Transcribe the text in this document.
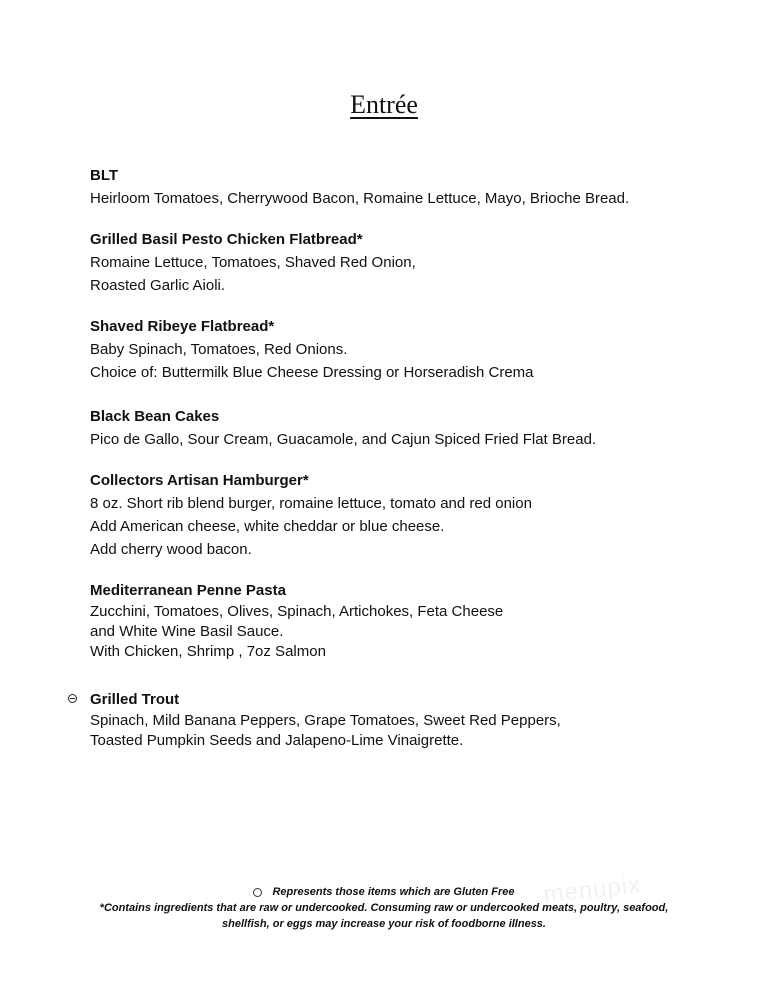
Entrée
BLT
Heirloom Tomatoes, Cherrywood Bacon, Romaine Lettuce, Mayo, Brioche Bread.
Grilled Basil Pesto Chicken Flatbread*
Romaine Lettuce, Tomatoes, Shaved Red Onion,
Roasted Garlic Aioli.
Shaved Ribeye Flatbread*
Baby Spinach, Tomatoes, Red Onions.
Choice of: Buttermilk Blue Cheese Dressing or Horseradish Crema
Black Bean Cakes
Pico de Gallo, Sour Cream, Guacamole, and Cajun Spiced Fried Flat Bread.
Collectors Artisan Hamburger*
8 oz. Short rib blend burger, romaine lettuce, tomato and red onion
Add American cheese, white cheddar or blue cheese.
Add cherry wood bacon.
Mediterranean Penne Pasta
Zucchini, Tomatoes, Olives, Spinach, Artichokes, Feta Cheese
and White Wine Basil Sauce.
With Chicken, Shrimp , 7oz Salmon
Grilled Trout
Spinach, Mild Banana Peppers, Grape Tomatoes, Sweet Red Peppers,
Toasted Pumpkin Seeds and Jalapeno-Lime Vinaigrette.
Represents those items which are Gluten Free
*Contains ingredients that are raw or undercooked. Consuming raw or undercooked meats, poultry, seafood,
shellfish, or eggs may increase your risk of foodborne illness.
menupix
